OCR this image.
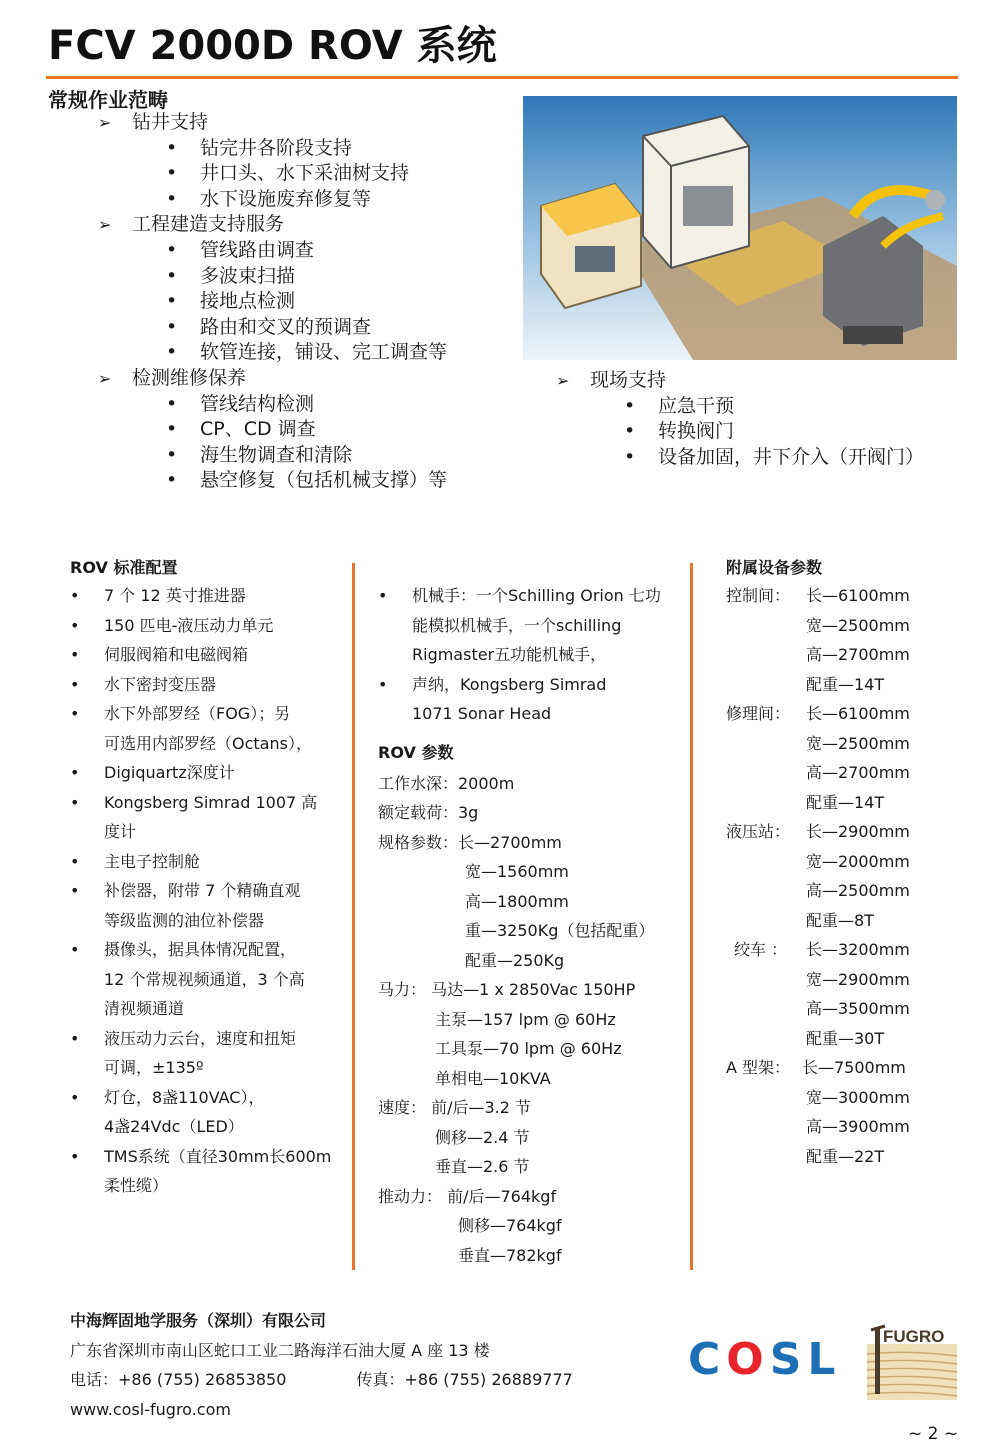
FCV 2000D ROV 系统
常规作业范畴
➢ 钻井支持
• 钻完井各阶段支持
• 井口头、水下采油树支持
• 水下设施废弃修复等
➢ 工程建造支持服务
• 管线路由调查
• 多波束扫描
• 接地点检测
• 路由和交叉的预调查
• 软管连接，铺设、完工调查等
➢ 检测维修保养
• 管线结构检测
• CP、CD 调查
• 海生物调查和清除
• 悬空修复（包括机械支撑）等
➢ 现场支持
• 应急干预
• 转换阀门
• 设备加固，井下介入（开阀门）
ROV 标准配置
• 7 个 12 英寸推进器
• 150 匹电-液压动力单元
• 伺服阀箱和电磁阀箱
• 水下密封变压器
• 水下外部罗经（FOG）；另
可选用内部罗经（Octans），
• Digiquartz深度计
• Kongsberg Simrad 1007 高
度计
• 主电子控制舱
• 补偿器，附带 7 个精确直观
等级监测的油位补偿器
• 摄像头，据具体情况配置，
12 个常规视频通道，3 个高
清视频通道
• 液压动力云台，速度和扭矩
可调，±135º
• 灯仓，8盏110VAC），
4盏24Vdc（LED）
• TMS系统（直径30mm长600m
柔性缆）
• 机械手：一个Schilling Orion 七功
能模拟机械手，一个schilling
Rigmaster五功能机械手，
• 声纳，Kongsberg Simrad
1071 Sonar Head
ROV 参数
工作水深：2000m
额定载荷：3g
规格参数：长—2700mm
宽—1560mm
高—1800mm
重—3250Kg（包括配重）
配重—250Kg
马力： 马达—1 x 2850Vac 150HP
主泵—157 lpm @ 60Hz
工具泵—70 lpm @ 60Hz
单相电—10KVA
速度： 前/后—3.2 节
侧移—2.4 节
垂直—2.6 节
推动力： 前/后—764kgf
侧移—764kgf
垂直—782kgf
附属设备参数
控制间： 长—6100mm
宽—2500mm
高—2700mm
配重—14T
修理间： 长—6100mm
宽—2500mm
高—2700mm
配重—14T
液压站： 长—2900mm
宽—2000mm
高—2500mm
配重—8T
绞车 ： 长—3200mm
宽—2900mm
高—3500mm
配重—30T
A 型架： 长—7500mm
宽—3000mm
高—3900mm
配重—22T
中海辉固地学服务（深圳）有限公司
广东省深圳市南山区蛇口工业二路海洋石油大厦 A 座 13 楼
电话：+86 (755) 26853850	传真：+86 (755) 26889777
www.cosl-fugro.com
COSL FUGRO
~ 2 ~
